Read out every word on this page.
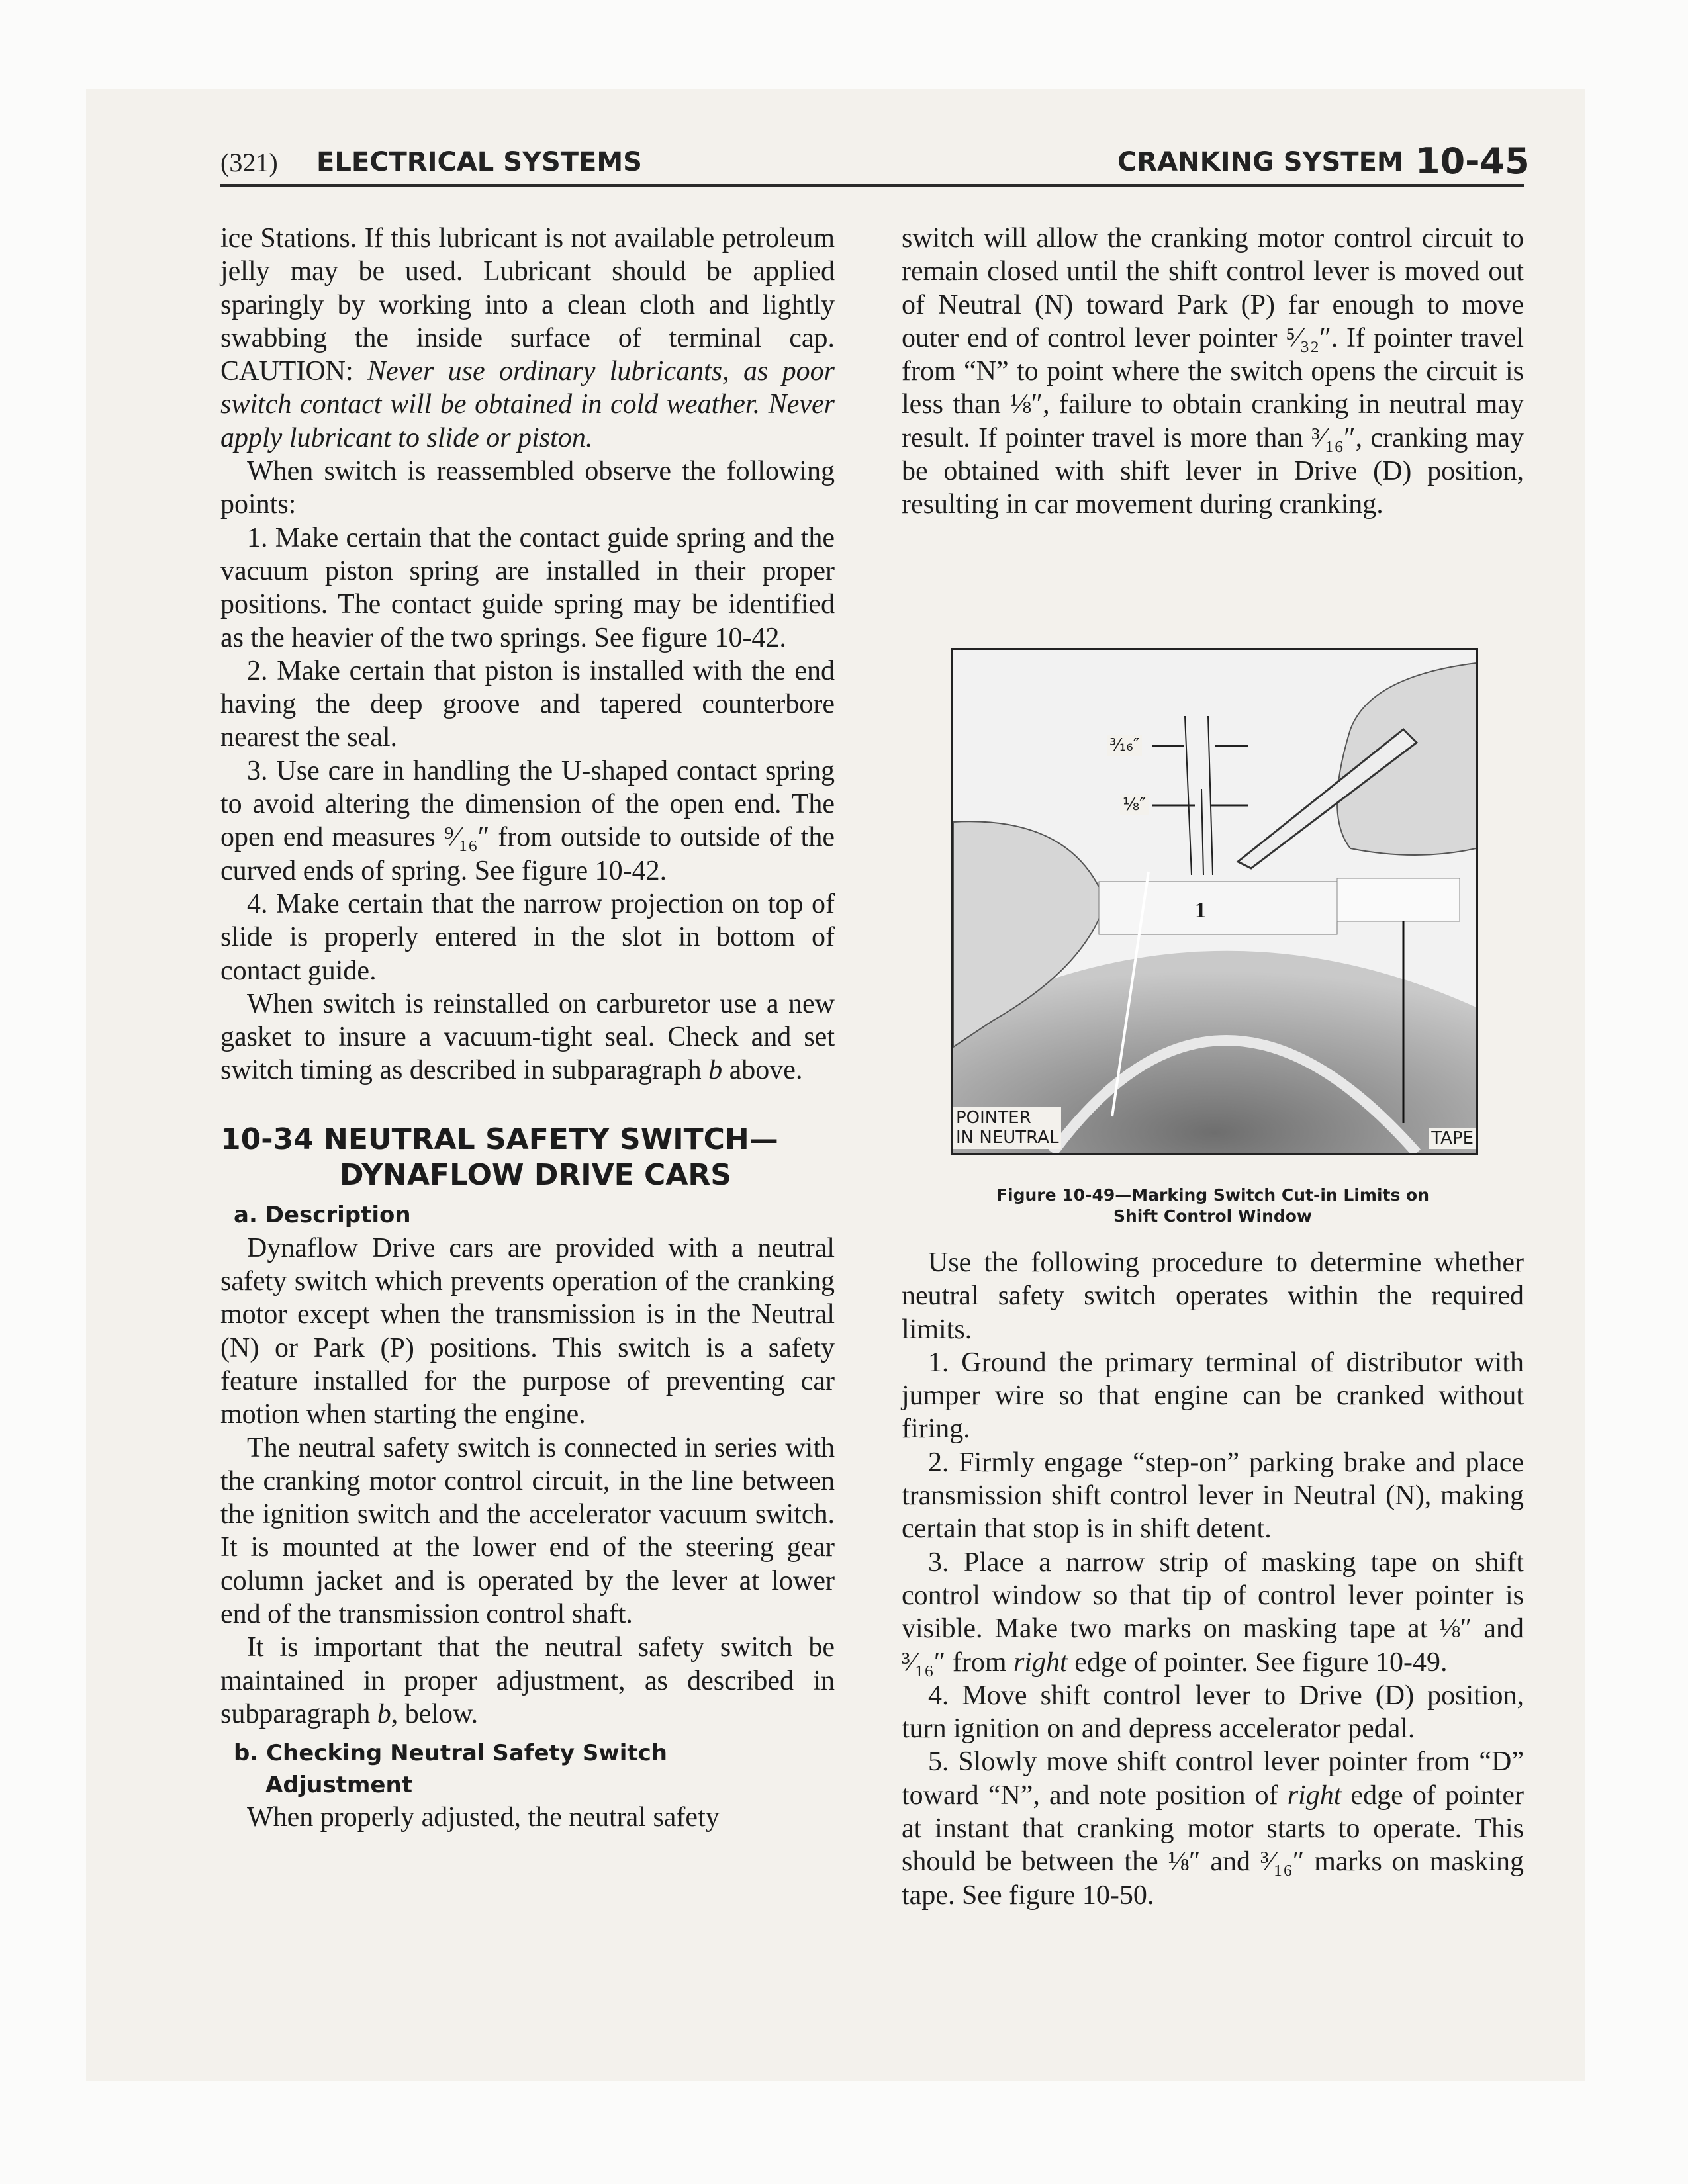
(321) ELECTRICAL SYSTEMS	CRANKING SYSTEM 10-45

ice Stations. If this lubricant is not available petroleum jelly may be used. Lubricant should be applied sparingly by working into a clean cloth and lightly swabbing the inside surface of terminal cap. CAUTION: Never use ordinary lubricants, as poor switch contact will be obtained in cold weather. Never apply lubricant to slide or piston.

When switch is reassembled observe the following points:

1. Make certain that the contact guide spring and the vacuum piston spring are installed in their proper positions. The contact guide spring may be identified as the heavier of the two springs. See figure 10-42.

2. Make certain that piston is installed with the end having the deep groove and tapered counterbore nearest the seal.

3. Use care in handling the U-shaped contact spring to avoid altering the dimension of the open end. The open end measures ⁹⁄₁₆″ from outside to outside of the curved ends of spring. See figure 10-42.

4. Make certain that the narrow projection on top of slide is properly entered in the slot in bottom of contact guide.

When switch is reinstalled on carburetor use a new gasket to insure a vacuum-tight seal. Check and set switch timing as described in subparagraph b above.

10-34 NEUTRAL SAFETY SWITCH—
DYNAFLOW DRIVE CARS
a. Description

Dynaflow Drive cars are provided with a neutral safety switch which prevents operation of the cranking motor except when the transmission is in the Neutral (N) or Park (P) positions. This switch is a safety feature installed for the purpose of preventing car motion when starting the engine.

The neutral safety switch is connected in series with the cranking motor control circuit, in the line between the ignition switch and the accelerator vacuum switch. It is mounted at the lower end of the steering gear column jacket and is operated by the lever at lower end of the transmission control shaft.

It is important that the neutral safety switch be maintained in proper adjustment, as described in subparagraph b, below.

b. Checking Neutral Safety Switch
Adjustment

When properly adjusted, the neutral safety

switch will allow the cranking motor control circuit to remain closed until the shift control lever is moved out of Neutral (N) toward Park (P) far enough to move outer end of control lever pointer ⁵⁄₃₂″. If pointer travel from “N” to point where the switch opens the circuit is less than ⅛″, failure to obtain cranking in neutral may result. If pointer travel is more than ³⁄₁₆″, cranking may be obtained with shift lever in Drive (D) position, resulting in car movement during cranking.

1
³⁄₁₆″
⅛″
POINTER
IN NEUTRAL	TAPE
Figure 10-49—Marking Switch Cut-in Limits on
Shift Control Window

Use the following procedure to determine whether neutral safety switch operates within the required limits.

1. Ground the primary terminal of distributor with jumper wire so that engine can be cranked without firing.

2. Firmly engage “step-on” parking brake and place transmission shift control lever in Neutral (N), making certain that stop is in shift detent.

3. Place a narrow strip of masking tape on shift control window so that tip of control lever pointer is visible. Make two marks on masking tape at ⅛″ and ³⁄₁₆″ from right edge of pointer. See figure 10-49.

4. Move shift control lever to Drive (D) position, turn ignition on and depress accelerator pedal.

5. Slowly move shift control lever pointer from “D” toward “N”, and note position of right edge of pointer at instant that cranking motor starts to operate. This should be between the ⅛″ and ³⁄₁₆″ marks on masking tape. See figure 10-50.
